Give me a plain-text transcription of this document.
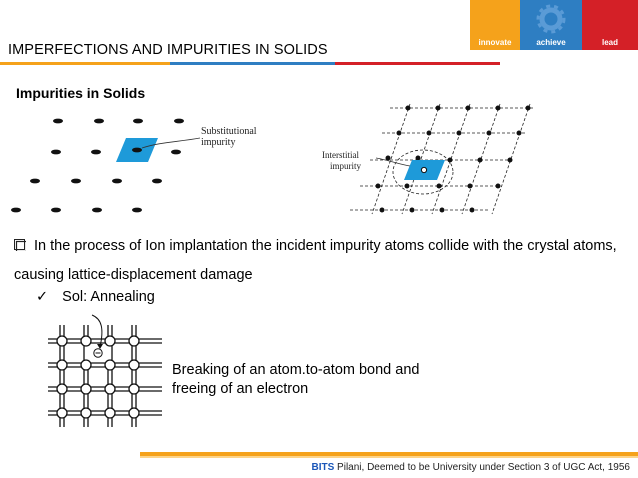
innovate	achieve	lead
IMPERFECTIONS AND IMPURITIES IN SOLIDS
Impurities in Solids
Substitutional impurity
Interstitial impurity
In the process of Ion implantation the incident impurity atoms collide with the crystal atoms, causing lattice-displacement damage
✓ Sol: Annealing
Breaking of an atom.to-atom bond and
freeing of an electron
BITS Pilani, Deemed to be University under Section 3 of UGC Act, 1956
